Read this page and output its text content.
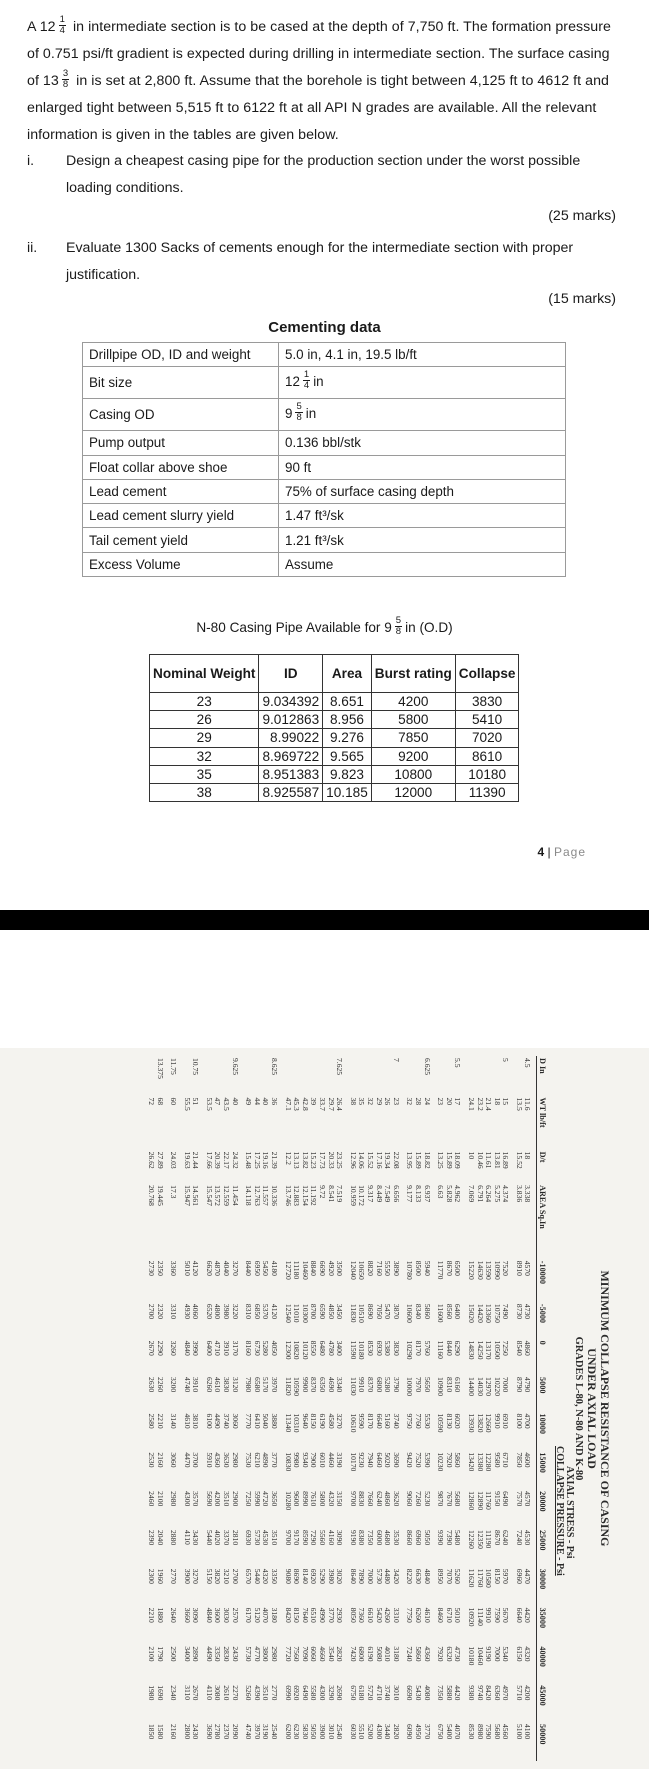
A $12 \frac{1}{4}$ in intermediate section is to be cased at the depth of 7,750 ft. The formation pressure of 0.751 psi/ft gradient is expected during drilling in intermediate section. The surface casing of $13 \frac{3}{8}$ in is set at 2,800 ft. Assume that the borehole is tight between 4,125 ft to 4612 ft and enlarged tight between 5,515 ft to 6122 ft at all API N grades are available. All the relevant information is given in the tables are given below.
i. Design a cheapest casing pipe for the production section under the worst possible loading conditions.
(25 marks)
ii. Evaluate 1300 Sacks of cements enough for the intermediate section with proper justification.
(15 marks)
Cementing data
Drillpipe OD, ID and weight	5.0 in, 4.1 in, 19.5 lb/ft
Bit size	$12 \frac{1}{4}$ in
Casing OD	$9 \frac{5}{8}$ in
Pump output	0.136 bbl/stk
Float collar above shoe	90 ft
Lead cement	75% of surface casing depth
Lead cement slurry yield	1.47 ft³/sk
Tail cement yield	1.21 ft³/sk
Excess Volume	Assume
N-80 Casing Pipe Available for $9 \frac{5}{8}$ in (O.D)
Nominal Weight	ID	Area	Burst rating	Collapse
23	9.034392	8.651	4200	3830
26	9.012863	8.956	5800	5410
29	8.99022	9.276	7850	7020
32	8.969722	9.565	9200	8610
35	8.951383	9.823	10800	10180
38	8.925587	10.185	12000	11390
4 | Page
MINIMUM COLLAPSE RESISTANCE OF CASING
UNDER AXIAL LOAD
GRADES L-80, N-80 AND K-80
AXIAL STRESS - Psi
COLLAPSE PRESSURE - Psi
D In	WT lb/ft	D/t	AREA Sq.In	-10000	-5000	0	5000	10000	15000	20000	25000	30000	35000	40000	45000	50000
4.5	11.6	18	3.338	4570	4730	4860	4790	4700	4600	4570	4530	4470	4420	4320	4200	4100
	13.5	15.52	3.836	8910	8730	8540	8790	8100	7850	7570	7240	6960	6640	6150	5710	5100
5	15	16.89	4.374	7520	7490	7250	7000	6910	6710	6490	6240	5970	5670	5340	4970	4560
	18	13.81	5.275	10990	10750	10500	10220	9910	9580	9150	8670	8150	7590	7000	6360	5680
	21.4	11.61	6.264	13590	13360	13170	12970	12660	12280	11760	11190	10580	9910	9190	8420	7590
	23.2	10.46	6.791	14630	14420	14250	14030	13820	13380	12890	12350	11760	11140	10460	9740	8980
	24.1	10	7.069	15220	15020	14830	14400	13930	13420	12860	12260	11620	10920	10180	9380	8530
5.5	17	18.09	4.962	6500	6400	6290	6160	6020	5860	5680	5480	5260	5010	4730	4420	4070
	20	15.89	5.828	8670	8560	8440	8310	8130	7920	7670	7390	7070	6710	6320	5880	5400
	23	13.25	6.63	11770	11600	11160	10900	10590	10230	9870	9390	8950	8460	7920	7350	6750
6.625	24	18.82	6.937	5940	5860	5760	5650	5530	5390	5230	5050	4840	4610	4360	4080	3770
	28	15.89	8.133	8500	8340	8170	7970	7760	7520	7260	6960	6630	6260	5860	5430	4950
	32	13.95	9.177	10780	10600	10290	10000	9750	9420	9060	8660	8220	7750	7240	6690	6090
7	23	22.08	6.656	3890	3870	3830	3790	3740	3690	3620	3530	3420	3310	3180	3010	2820
	26	19.34	7.549	5550	5470	5380	5280	5160	5020	4860	4680	4480	4260	4010	3740	3440
	29	17.16	8.449	7160	7050	6930	6800	6640	6460	6240	6000	5730	5420	5080	4710	4300
	32	15.52	9.317	8820	8690	8530	8370	8170	7940	7660	7350	7000	6610	6190	5720	5200
	35	14.06	10.172	10650	10510	10180	9910	9590	9230	8830	8380	7890	7360	6800	6180	5510
	38	12.96	10.959	12040	11830	11590	11030	10610	10170	9700	9190	8640	8050	7420	6750	6030
7.625	26.4	23.25	7.519	3500	3450	3400	3340	3270	3190	3150	3090	3020	2930	2820	2690	2540
	29.7	20.33	8.541	4920	4850	4780	4690	4580	4460	4320	4160	3980	3770	3540	3290	3010
	33.7	17.73	9.72	6690	6590	6480	6350	6190	6010	5800	5560	5290	4990	4660	4300	3900
	39	15.23	11.192	8840	8700	8550	8370	8150	7900	7610	7290	6920	6510	6060	5580	5050
	42.8	13.82	12.154	10460	10300	10120	9900	9640	9340	8990	8590	8140	7640	7090	6490	5830
	45.3	13.13	12.883	11180	11010	10820	10590	10310	9980	9600	9170	8690	8150	7560	6920	6230
	47.1	12.2	13.746	12720	12540	12300	11820	11340	10830	10280	9700	9080	8420	7720	6990	6200
8.625	36	21.39	10.336	4180	4120	4050	3970	3880	3770	3650	3510	3350	3180	2980	2770	2540
	40	19.16	11.557	5450	5370	5280	5170	5040	4890	4720	4530	4320	4070	3800	3510	3190
	44	17.25	12.763	6950	6850	6730	6580	6410	6210	5990	5730	5440	5120	4770	4390	3970
	49	15.48	14.118	8440	8310	8160	7980	7770	7530	7250	6930	6570	6170	5730	5260	4740
9.625	40	24.32	11.454	3270	3220	3170	3120	3060	2980	2900	2810	2700	2570	2430	2270	2090
	43.5	22.17	12.559	4040	3980	3910	3830	3740	3630	3510	3370	3210	3030	2830	2610	2370
	47	20.39	13.572	4870	4800	4710	4610	4490	4360	4200	4020	3820	3600	3350	3080	2780
	53.5	17.66	15.547	6620	6520	6400	6260	6100	5910	5690	5440	5150	4840	4490	4110	3690
10.75	51	21.44	14.561	4120	4060	3990	3910	3810	3700	3570	3430	3270	3090	2890	2670	2430
	55.5	19.63	15.947	5010	4930	4840	4740	4610	4470	4300	4110	3900	3660	3400	3110	2800
11.75	60	24.03	17.3	3360	3310	3260	3200	3140	3060	2980	2880	2770	2640	2500	2340	2160
13.375	68	27.89	19.445	2350	2320	2290	2260	2210	2160	2100	2040	1960	1880	1790	1690	1580
	72	26.62	20.768	2730	2700	2670	2630	2580	2530	2460	2390	2300	2210	2100	1980	1850
